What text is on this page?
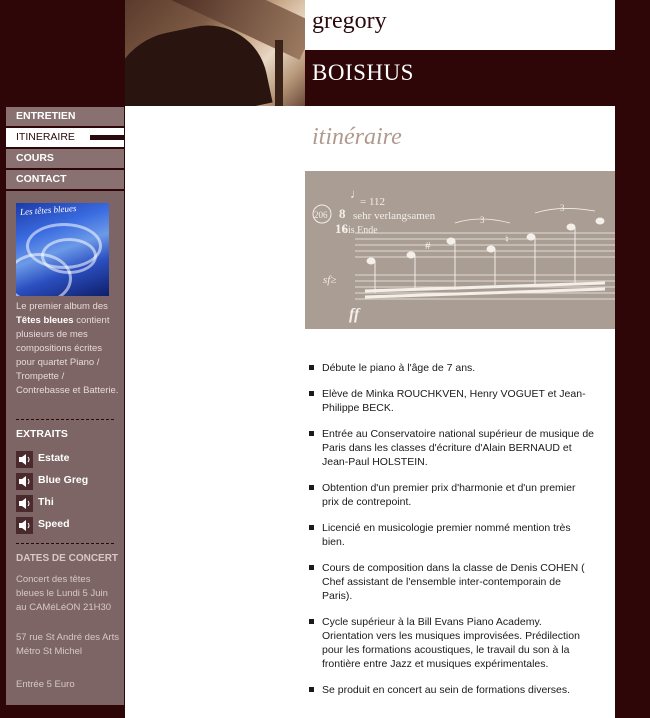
gregory
BOISHUS
itinéraire
#	♮
3
3
♩
= 112
sehr verlangsamen
bis Ende
8
16
206
sf≥
ff
Débute le piano à l'âge de 7 ans.
Elève de Minka ROUCHKVEN, Henry VOGUET et Jean-Philippe BECK.
Entrée au Conservatoire national supérieur de musique de Paris dans les classes d'écriture d'Alain BERNAUD et Jean-Paul HOLSTEIN.
Obtention d'un premier prix d'harmonie et d'un premier prix de contrepoint.
Licencié en musicologie premier nommé mention très bien.
Cours de composition dans la classe de Denis COHEN ( Chef assistant de l'ensemble inter-contemporain de Paris).
Cycle supérieur à la Bill Evans Piano Academy. Orientation vers les musiques improvisées. Prédilection pour les formations acoustiques, le travail du son à la frontière entre Jazz et musiques expérimentales.
Se produit en concert au sein de formations diverses.
ENTRETIEN
ITINERAIRE
COURS
CONTACT
Les têtes bleues
Le premier album des Têtes bleues contient plusieurs de mes compositions écrites pour quartet Piano / Trompette / Contrebasse et Batterie.
EXTRAITS
Estate
Blue Greg
Thi
Speed
DATES DE CONCERT
Concert des têtes bleues le Lundi 5 Juin au CAMéLéON 21H30
57 rue St André des Arts Métro St Michel
Entrée 5 Euro
